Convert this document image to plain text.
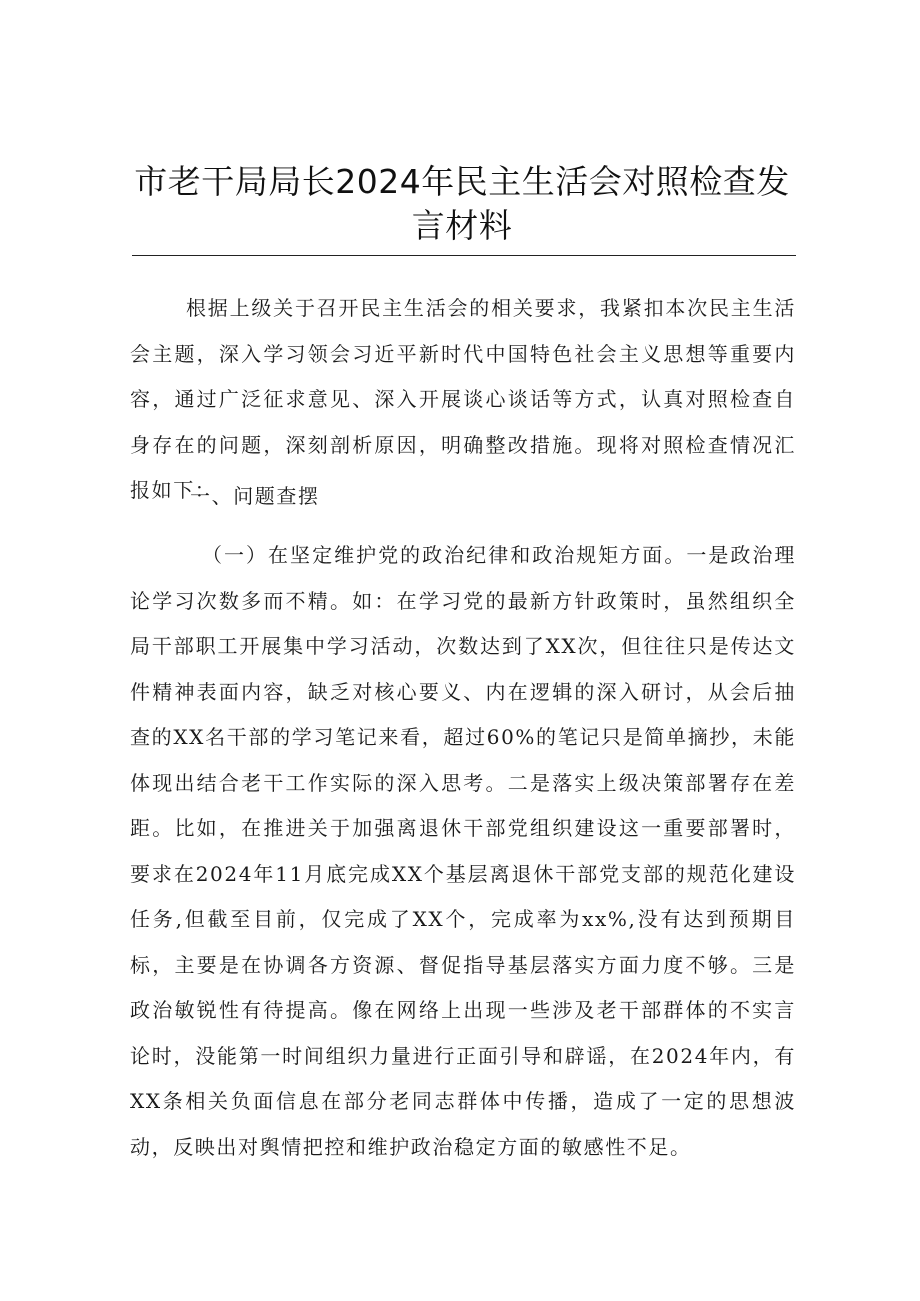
市老干局局长2024年民主生活会对照检查发言材料

根据上级关于召开民主生活会的相关要求，我紧扣本次民主生活会主题，深入学习领会习近平新时代中国特色社会主义思想等重要内容，通过广泛征求意见、深入开展谈心谈话等方式，认真对照检查自身存在的问题，深刻剖析原因，明确整改措施。现将对照检查情况汇报如下：

一、问题查摆

（一）在坚定维护党的政治纪律和政治规矩方面。一是政治理论学习次数多而不精。如：在学习党的最新方针政策时，虽然组织全局干部职工开展集中学习活动，次数达到了XX次，但往往只是传达文件精神表面内容，缺乏对核心要义、内在逻辑的深入研讨，从会后抽查的XX名干部的学习笔记来看，超过60%的笔记只是简单摘抄，未能体现出结合老干工作实际的深入思考。二是落实上级决策部署存在差距。比如，在推进关于加强离退休干部党组织建设这一重要部署时，要求在2024年11月底完成XX个基层离退休干部党支部的规范化建设任务,但截至目前，仅完成了XX个，完成率为xx%,没有达到预期目标，主要是在协调各方资源、督促指导基层落实方面力度不够。三是政治敏锐性有待提高。像在网络上出现一些涉及老干部群体的不实言论时，没能第一时间组织力量进行正面引导和辟谣，在2024年内，有XX条相关负面信息在部分老同志群体中传播，造成了一定的思想波动，反映出对舆情把控和维护政治稳定方面的敏感性不足。
